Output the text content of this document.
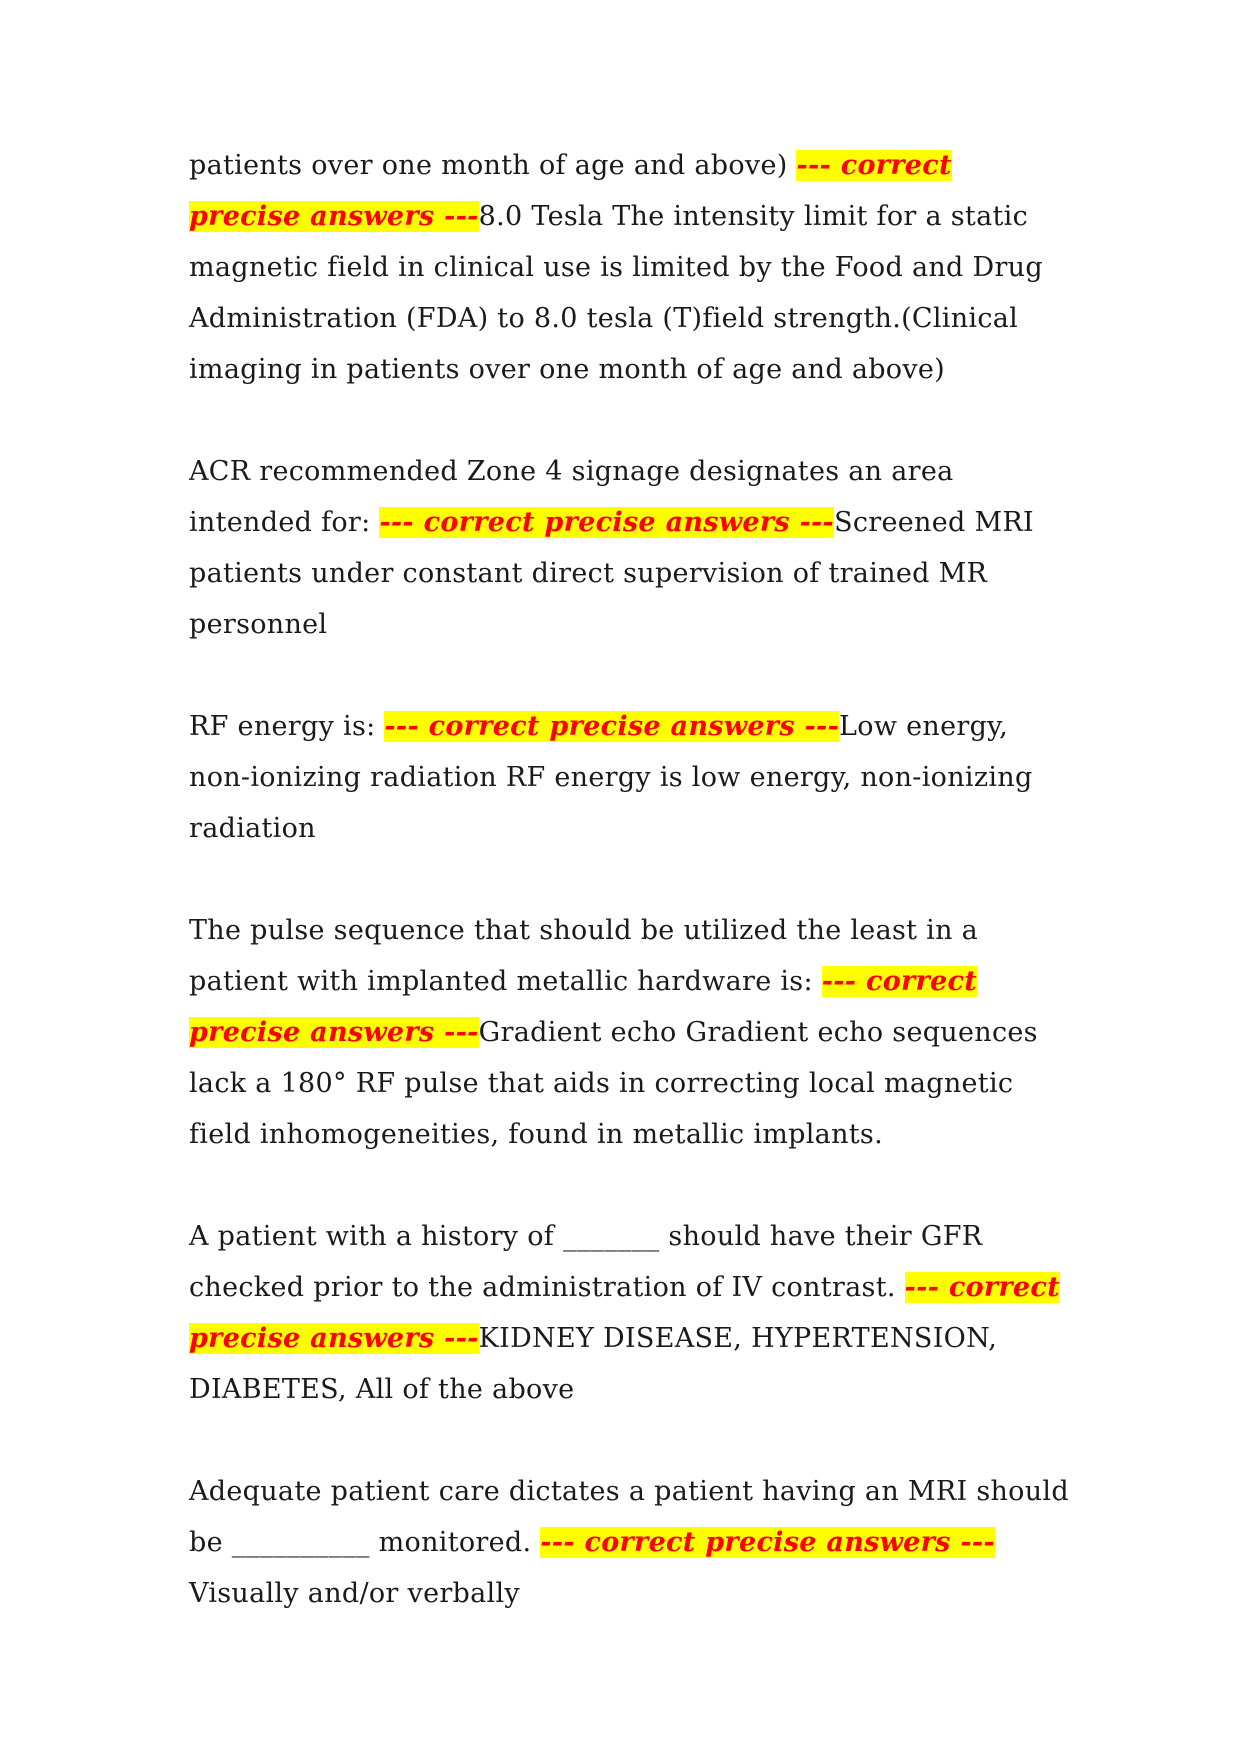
patients over one month of age and above) --- correct precise answers ---8.0 Tesla The intensity limit for a static magnetic field in clinical use is limited by the Food and Drug Administration (FDA) to 8.0 tesla (T)field strength.(Clinical imaging in patients over one month of age and above)

ACR recommended Zone 4 signage designates an area intended for: --- correct precise answers ---Screened MRI patients under constant direct supervision of trained MR personnel

RF energy is: --- correct precise answers ---Low energy, non-ionizing radiation RF energy is low energy, non-ionizing radiation

The pulse sequence that should be utilized the least in a patient with implanted metallic hardware is: --- correct precise answers ---Gradient echo Gradient echo sequences lack a 180° RF pulse that aids in correcting local magnetic field inhomogeneities, found in metallic implants.

A patient with a history of _______ should have their GFR checked prior to the administration of IV contrast. --- correct precise answers ---KIDNEY DISEASE, HYPERTENSION, DIABETES, All of the above

Adequate patient care dictates a patient having an MRI should be __________ monitored. --- correct precise answers ---Visually and/or verbally
